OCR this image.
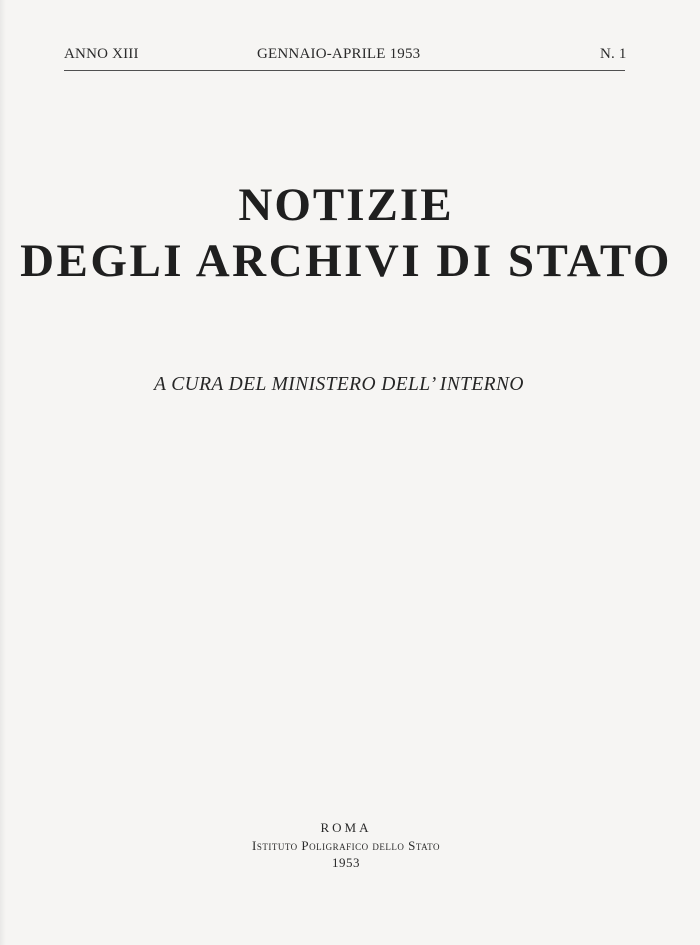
ANNO XIII	GENNAIO-APRILE 1953	N. 1
NOTIZIE
DEGLI ARCHIVI DI STATO
A CURA DEL MINISTERO DELL’ INTERNO
ROMA
Istituto Poligrafico dello Stato
1953
